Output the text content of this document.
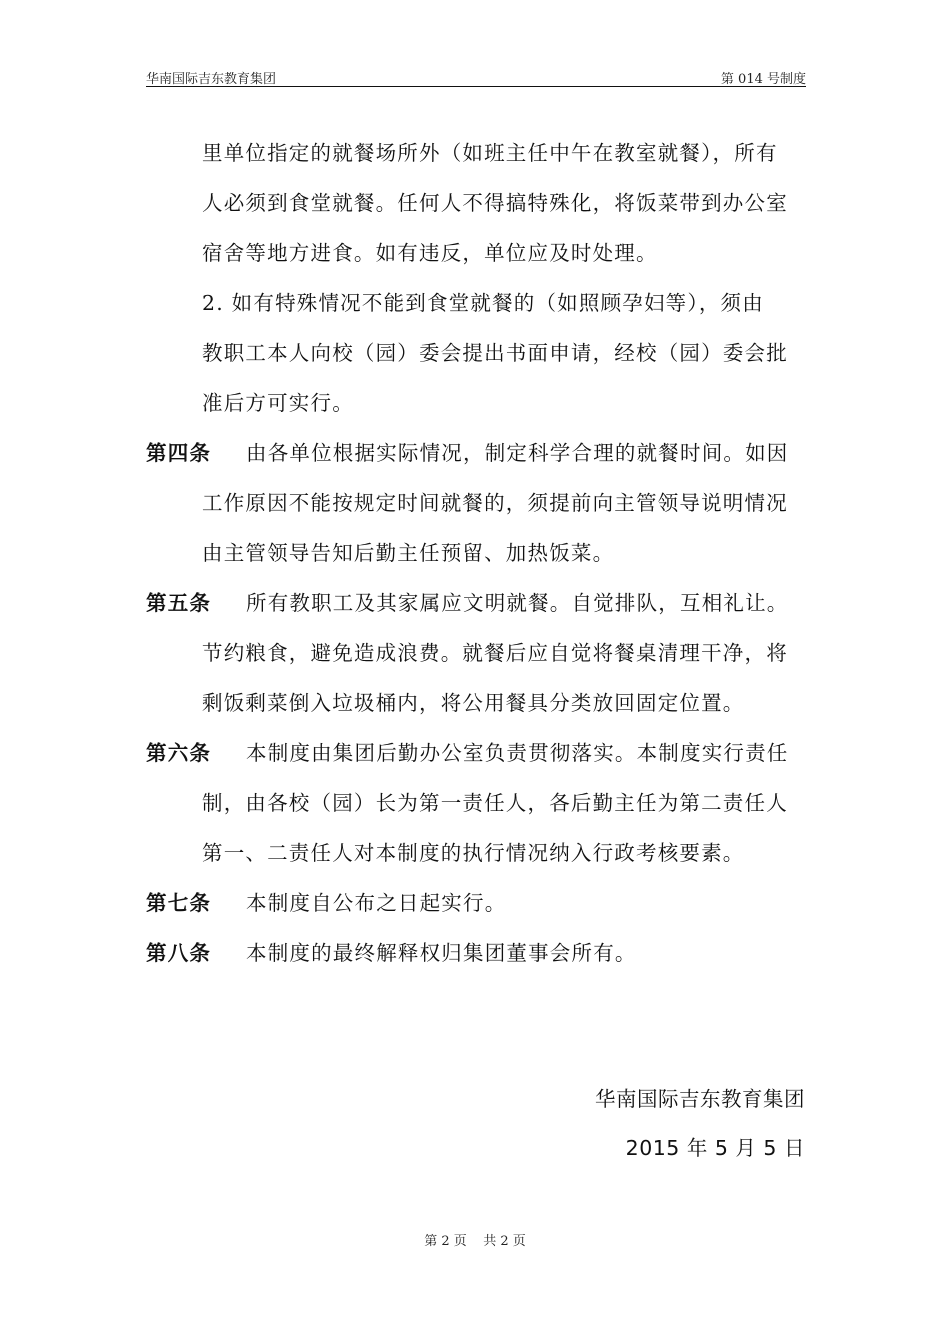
华南国际吉东教育集团	第 014 号制度
里单位指定的就餐场所外（如班主任中午在教室就餐），所有
人必须到食堂就餐。任何人不得搞特殊化，将饭菜带到办公室
宿舍等地方进食。如有违反，单位应及时处理。
2. 如有特殊情况不能到食堂就餐的（如照顾孕妇等），须由
教职工本人向校（园）委会提出书面申请，经校（园）委会批
准后方可实行。
第四条 由各单位根据实际情况，制定科学合理的就餐时间。如因
工作原因不能按规定时间就餐的，须提前向主管领导说明情况
由主管领导告知后勤主任预留、加热饭菜。
第五条 所有教职工及其家属应文明就餐。自觉排队，互相礼让。
节约粮食，避免造成浪费。就餐后应自觉将餐桌清理干净，将
剩饭剩菜倒入垃圾桶内，将公用餐具分类放回固定位置。
第六条 本制度由集团后勤办公室负责贯彻落实。本制度实行责任
制，由各校（园）长为第一责任人，各后勤主任为第二责任人
第一、二责任人对本制度的执行情况纳入行政考核要素。
第七条 本制度自公布之日起实行。
第八条 本制度的最终解释权归集团董事会所有。
华南国际吉东教育集团
2015 年 5 月 5 日
第 2 页    共 2 页
